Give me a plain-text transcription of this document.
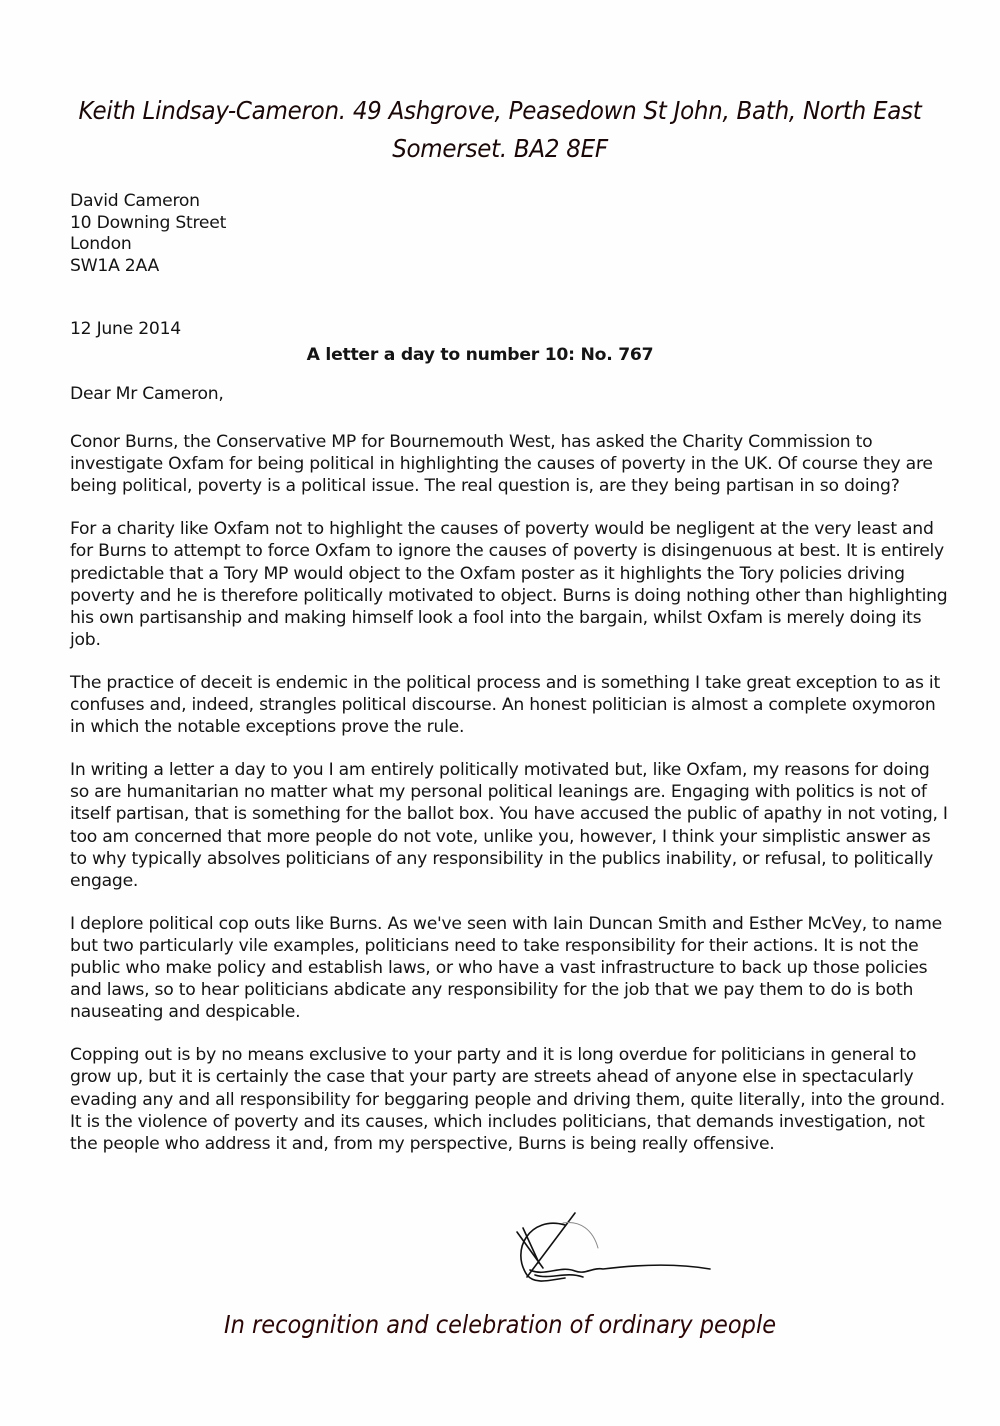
Keith Lindsay-Cameron. 49 Ashgrove, Peasedown St John, Bath, North East
Somerset. BA2 8EF
David Cameron
10 Downing Street
London
SW1A 2AA
12 June 2014
A letter a day to number 10: No. 767
Dear Mr Cameron,

Conor Burns, the Conservative MP for Bournemouth West, has asked the Charity Commission to investigate Oxfam for being political in highlighting the causes of poverty in the UK. Of course they are being political, poverty is a political issue. The real question is, are they being partisan in so doing?

For a charity like Oxfam not to highlight the causes of poverty would be negligent at the very least and for Burns to attempt to force Oxfam to ignore the causes of poverty is disingenuous at best. It is entirely predictable that a Tory MP would object to the Oxfam poster as it highlights the Tory policies driving poverty and he is therefore politically motivated to object. Burns is doing nothing other than highlighting his own partisanship and making himself look a fool into the bargain, whilst Oxfam is merely doing its job.

The practice of deceit is endemic in the political process and is something I take great exception to as it confuses and, indeed, strangles political discourse. An honest politician is almost a complete oxymoron in which the notable exceptions prove the rule.

In writing a letter a day to you I am entirely politically motivated but, like Oxfam, my reasons for doing so are humanitarian no matter what my personal political leanings are. Engaging with politics is not of itself partisan, that is something for the ballot box. You have accused the public of apathy in not voting, I too am concerned that more people do not vote, unlike you, however, I think your simplistic answer as to why typically absolves politicians of any responsibility in the publics inability, or refusal, to politically engage.

I deplore political cop outs like Burns. As we've seen with Iain Duncan Smith and Esther McVey, to name but two particularly vile examples, politicians need to take responsibility for their actions. It is not the public who make policy and establish laws, or who have a vast infrastructure to back up those policies and laws, so to hear politicians abdicate any responsibility for the job that we pay them to do is both nauseating and despicable.

Copping out is by no means exclusive to your party and it is long overdue for politicians in general to grow up, but it is certainly the case that your party are streets ahead of anyone else in spectacularly evading any and all responsibility for beggaring people and driving them, quite literally, into the ground. It is the violence of poverty and its causes, which includes politicians, that demands investigation, not the people who address it and, from my perspective, Burns is being really offensive.

In recognition and celebration of ordinary people
